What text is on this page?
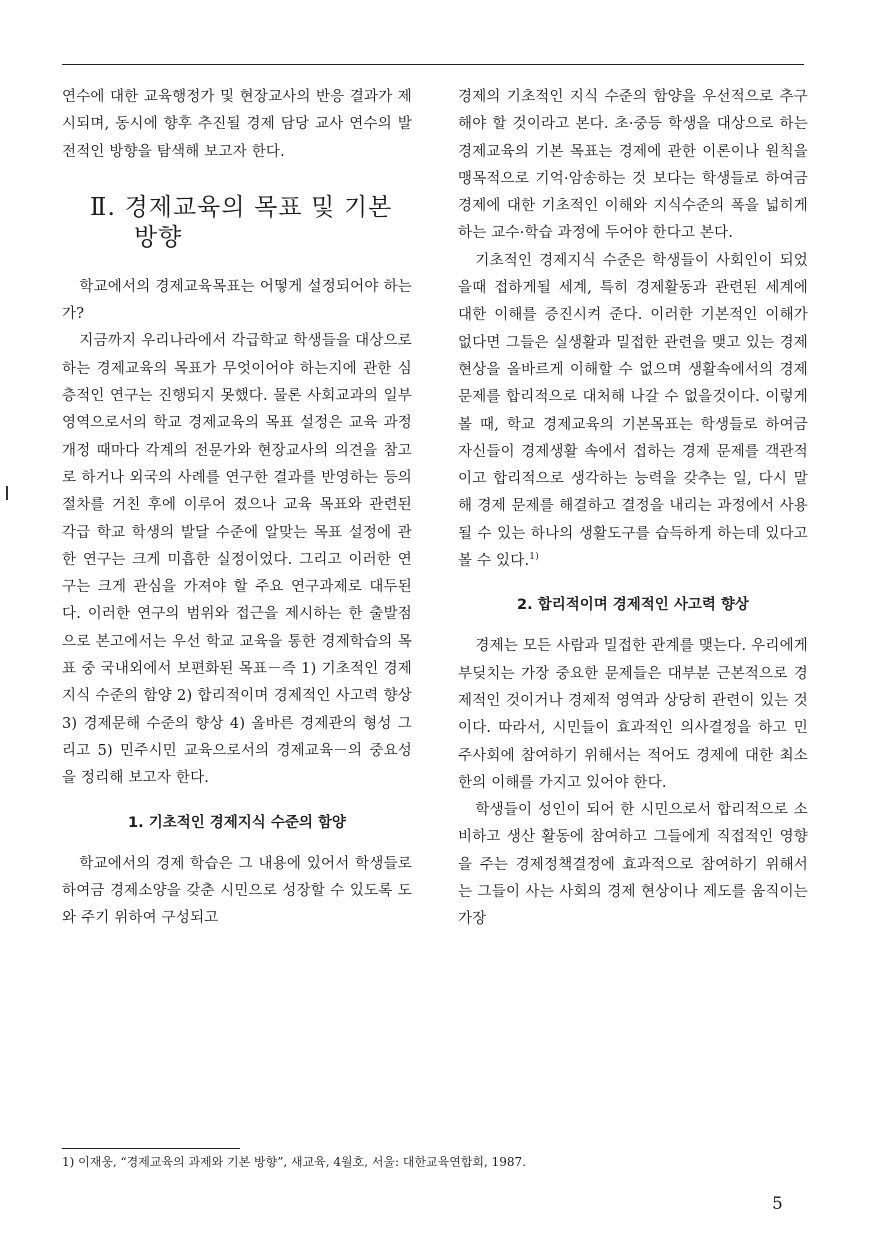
연수에 대한 교육행정가 및 현장교사의 반응 결과가 제시되며, 동시에 향후 추진될 경제 담당 교사 연수의 발전적인 방향을 탐색해 보고자 한다.

Ⅱ. 경제교육의 목표 및 기본
방향

학교에서의 경제교육목표는 어떻게 설정되어야 하는가?

지금까지 우리나라에서 각급학교 학생들을 대상으로 하는 경제교육의 목표가 무엇이어야 하는지에 관한 심층적인 연구는 진행되지 못했다. 물론 사회교과의 일부 영역으로서의 학교 경제교육의 목표 설정은 교육 과정 개정 때마다 각계의 전문가와 현장교사의 의견을 참고로 하거나 외국의 사례를 연구한 결과를 반영하는 등의 절차를 거친 후에 이루어 졌으나 교육 목표와 관련된 각급 학교 학생의 발달 수준에 알맞는 목표 설정에 관한 연구는 크게 미흡한 실정이었다. 그리고 이러한 연구는 크게 관심을 가져야 할 주요 연구과제로 대두된다. 이러한 연구의 범위와 접근을 제시하는 한 출발점으로 본고에서는 우선 학교 교육을 통한 경제학습의 목표 중 국내외에서 보편화된 목표－즉 1) 기초적인 경제지식 수준의 함양 2) 합리적이며 경제적인 사고력 향상 3) 경제문해 수준의 향상 4) 올바른 경제관의 형성 그리고 5) 민주시민 교육으로서의 경제교육－의 중요성을 정리해 보고자 한다.

1. 기초적인 경제지식 수준의 함양

학교에서의 경제 학습은 그 내용에 있어서 학생들로 하여금 경제소양을 갖춘 시민으로 성장할 수 있도록 도와 주기 위하여 구성되고

경제의 기초적인 지식 수준의 함양을 우선적으로 추구해야 할 것이라고 본다. 초·중등 학생을 대상으로 하는 경제교육의 기본 목표는 경제에 관한 이론이나 원칙을 맹목적으로 기억·암송하는 것 보다는 학생들로 하여금 경제에 대한 기초적인 이해와 지식수준의 폭을 넓히게 하는 교수·학습 과정에 두어야 한다고 본다.

기초적인 경제지식 수준은 학생들이 사회인이 되었을때 접하게될 세계, 특히 경제활동과 관련된 세계에 대한 이해를 증진시켜 준다. 이러한 기본적인 이해가 없다면 그들은 실생활과 밀접한 관련을 맺고 있는 경제현상을 올바르게 이해할 수 없으며 생활속에서의 경제 문제를 합리적으로 대처해 나갈 수 없을것이다. 이렇게 볼 때, 학교 경제교육의 기본목표는 학생들로 하여금 자신들이 경제생활 속에서 접하는 경제 문제를 객관적이고 합리적으로 생각하는 능력을 갖추는 일, 다시 말해 경제 문제를 해결하고 결정을 내리는 과정에서 사용될 수 있는 하나의 생활도구를 습득하게 하는데 있다고 볼 수 있다.$^{1)}$

2. 합리적이며 경제적인 사고력 향상

경제는 모든 사람과 밀접한 관계를 맺는다. 우리에게 부딪치는 가장 중요한 문제들은 대부분 근본적으로 경제적인 것이거나 경제적 영역과 상당히 관련이 있는 것이다. 따라서, 시민들이 효과적인 의사결정을 하고 민주사회에 참여하기 위해서는 적어도 경제에 대한 최소한의 이해를 가지고 있어야 한다.

학생들이 성인이 되어 한 시민으로서 합리적으로 소비하고 생산 활동에 참여하고 그들에게 직접적인 영향을 주는 경제정책결정에 효과적으로 참여하기 위해서는 그들이 사는 사회의 경제 현상이나 제도를 움직이는 가장

1) 이재웅, “경제교육의 과제와 기본 방향”, 새교육, 4월호, 서울: 대한교육연합회, 1987.
5
